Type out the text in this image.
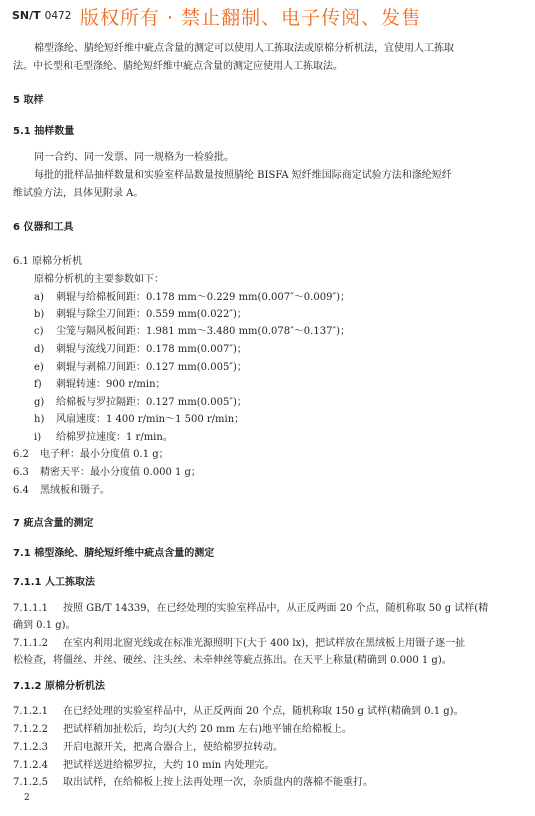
SN/T 0472 版权所有 · 禁止翻制、电子传阅、发售
棉型涤纶、腈纶短纤维中疵点含量的测定可以使用人工拣取法或原棉分析机法，宜使用人工拣取
法。中长型和毛型涤纶、腈纶短纤维中疵点含量的测定应使用人工拣取法。
5 取样
5.1 抽样数量
同一合约、同一发票、同一规格为一检验批。
每批的批样品抽样数量和实验室样品数量按照腈纶 BISFA 短纤维国际商定试验方法和涤纶短纤
维试验方法，具体见附录 A。
6 仪器和工具
6.1 原棉分析机
原棉分析机的主要参数如下：
a) 刺辊与给棉板间距：0.178 mm～0.229 mm(0.007″～0.009″)；
b) 刺辊与除尘刀间距：0.559 mm(0.022″)；
c) 尘笼与隔风板间距：1.981 mm～3.480 mm(0.078″～0.137″)；
d) 刺辊与流线刀间距：0.178 mm(0.007″)；
e) 刺辊与剥棉刀间距：0.127 mm(0.005″)；
f) 刺辊转速：900 r/min；
g) 给棉板与罗拉隔距：0.127 mm(0.005″)；
h) 风扇速度：1 400 r/min～1 500 r/min；
i) 给棉罗拉速度：1 r/min。
6.2 电子秤：最小分度值 0.1 g；
6.3 精密天平：最小分度值 0.000 1 g；
6.4 黑绒板和镊子。
7 疵点含量的测定
7.1 棉型涤纶、腈纶短纤维中疵点含量的测定
7.1.1 人工拣取法
7.1.1.1 按照 GB/T 14339，在已经处理的实验室样品中，从正反两面 20 个点，随机称取 50 g 试样(精
确到 0.1 g)。
7.1.1.2 在室内利用北窗光线或在标准光源照明下(大于 400 lx)，把试样放在黑绒板上用镊子逐一扯
松检查，将僵丝、并丝、硬丝、注头丝、未牵伸丝等疵点拣出。在天平上称量(精确到 0.000 1 g)。
7.1.2 原棉分析机法
7.1.2.1 在已经处理的实验室样品中，从正反两面 20 个点，随机称取 150 g 试样(精确到 0.1 g)。
7.1.2.2 把试样稍加扯松后，均匀(大约 20 mm 左右)地平铺在给棉板上。
7.1.2.3 开启电源开关，把离合器合上，使给棉罗拉转动。
7.1.2.4 把试样送进给棉罗拉，大约 10 min 内处理完。
7.1.2.5 取出试样，在给棉板上按上法再处理一次，杂质盘内的落棉不能重打。
2
